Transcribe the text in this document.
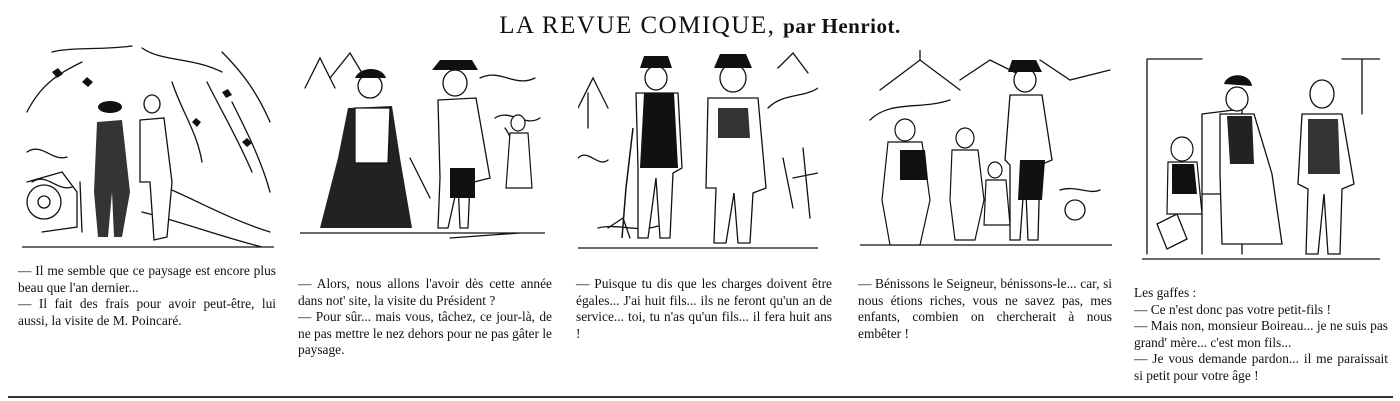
LA REVUE COMIQUE, par Henriot.

— Il me semble que ce paysage est encore plus beau que l'an dernier...

— Il fait des frais pour avoir peut-être, lui aussi, la visite de M. Poincaré.

— Alors, nous allons l'avoir dès cette année dans not' site, la visite du Président ?

— Pour sûr... mais vous, tâchez, ce jour-là, de ne pas mettre le nez dehors pour ne pas gâter le paysage.

— Puisque tu dis que les charges doivent être égales... J'ai huit fils... ils ne feront qu'un an de service... toi, tu n'as qu'un fils... il fera huit ans !

— Bénissons le Seigneur, bénissons-le... car, si nous étions riches, vous ne savez pas, mes enfants, combien on chercherait à nous embêter !

Les gaffes :

— Ce n'est donc pas votre petit-fils !

— Mais non, monsieur Boireau... je ne suis pas grand' mère... c'est mon fils...

— Je vous demande pardon... il me paraissait si petit pour votre âge !
